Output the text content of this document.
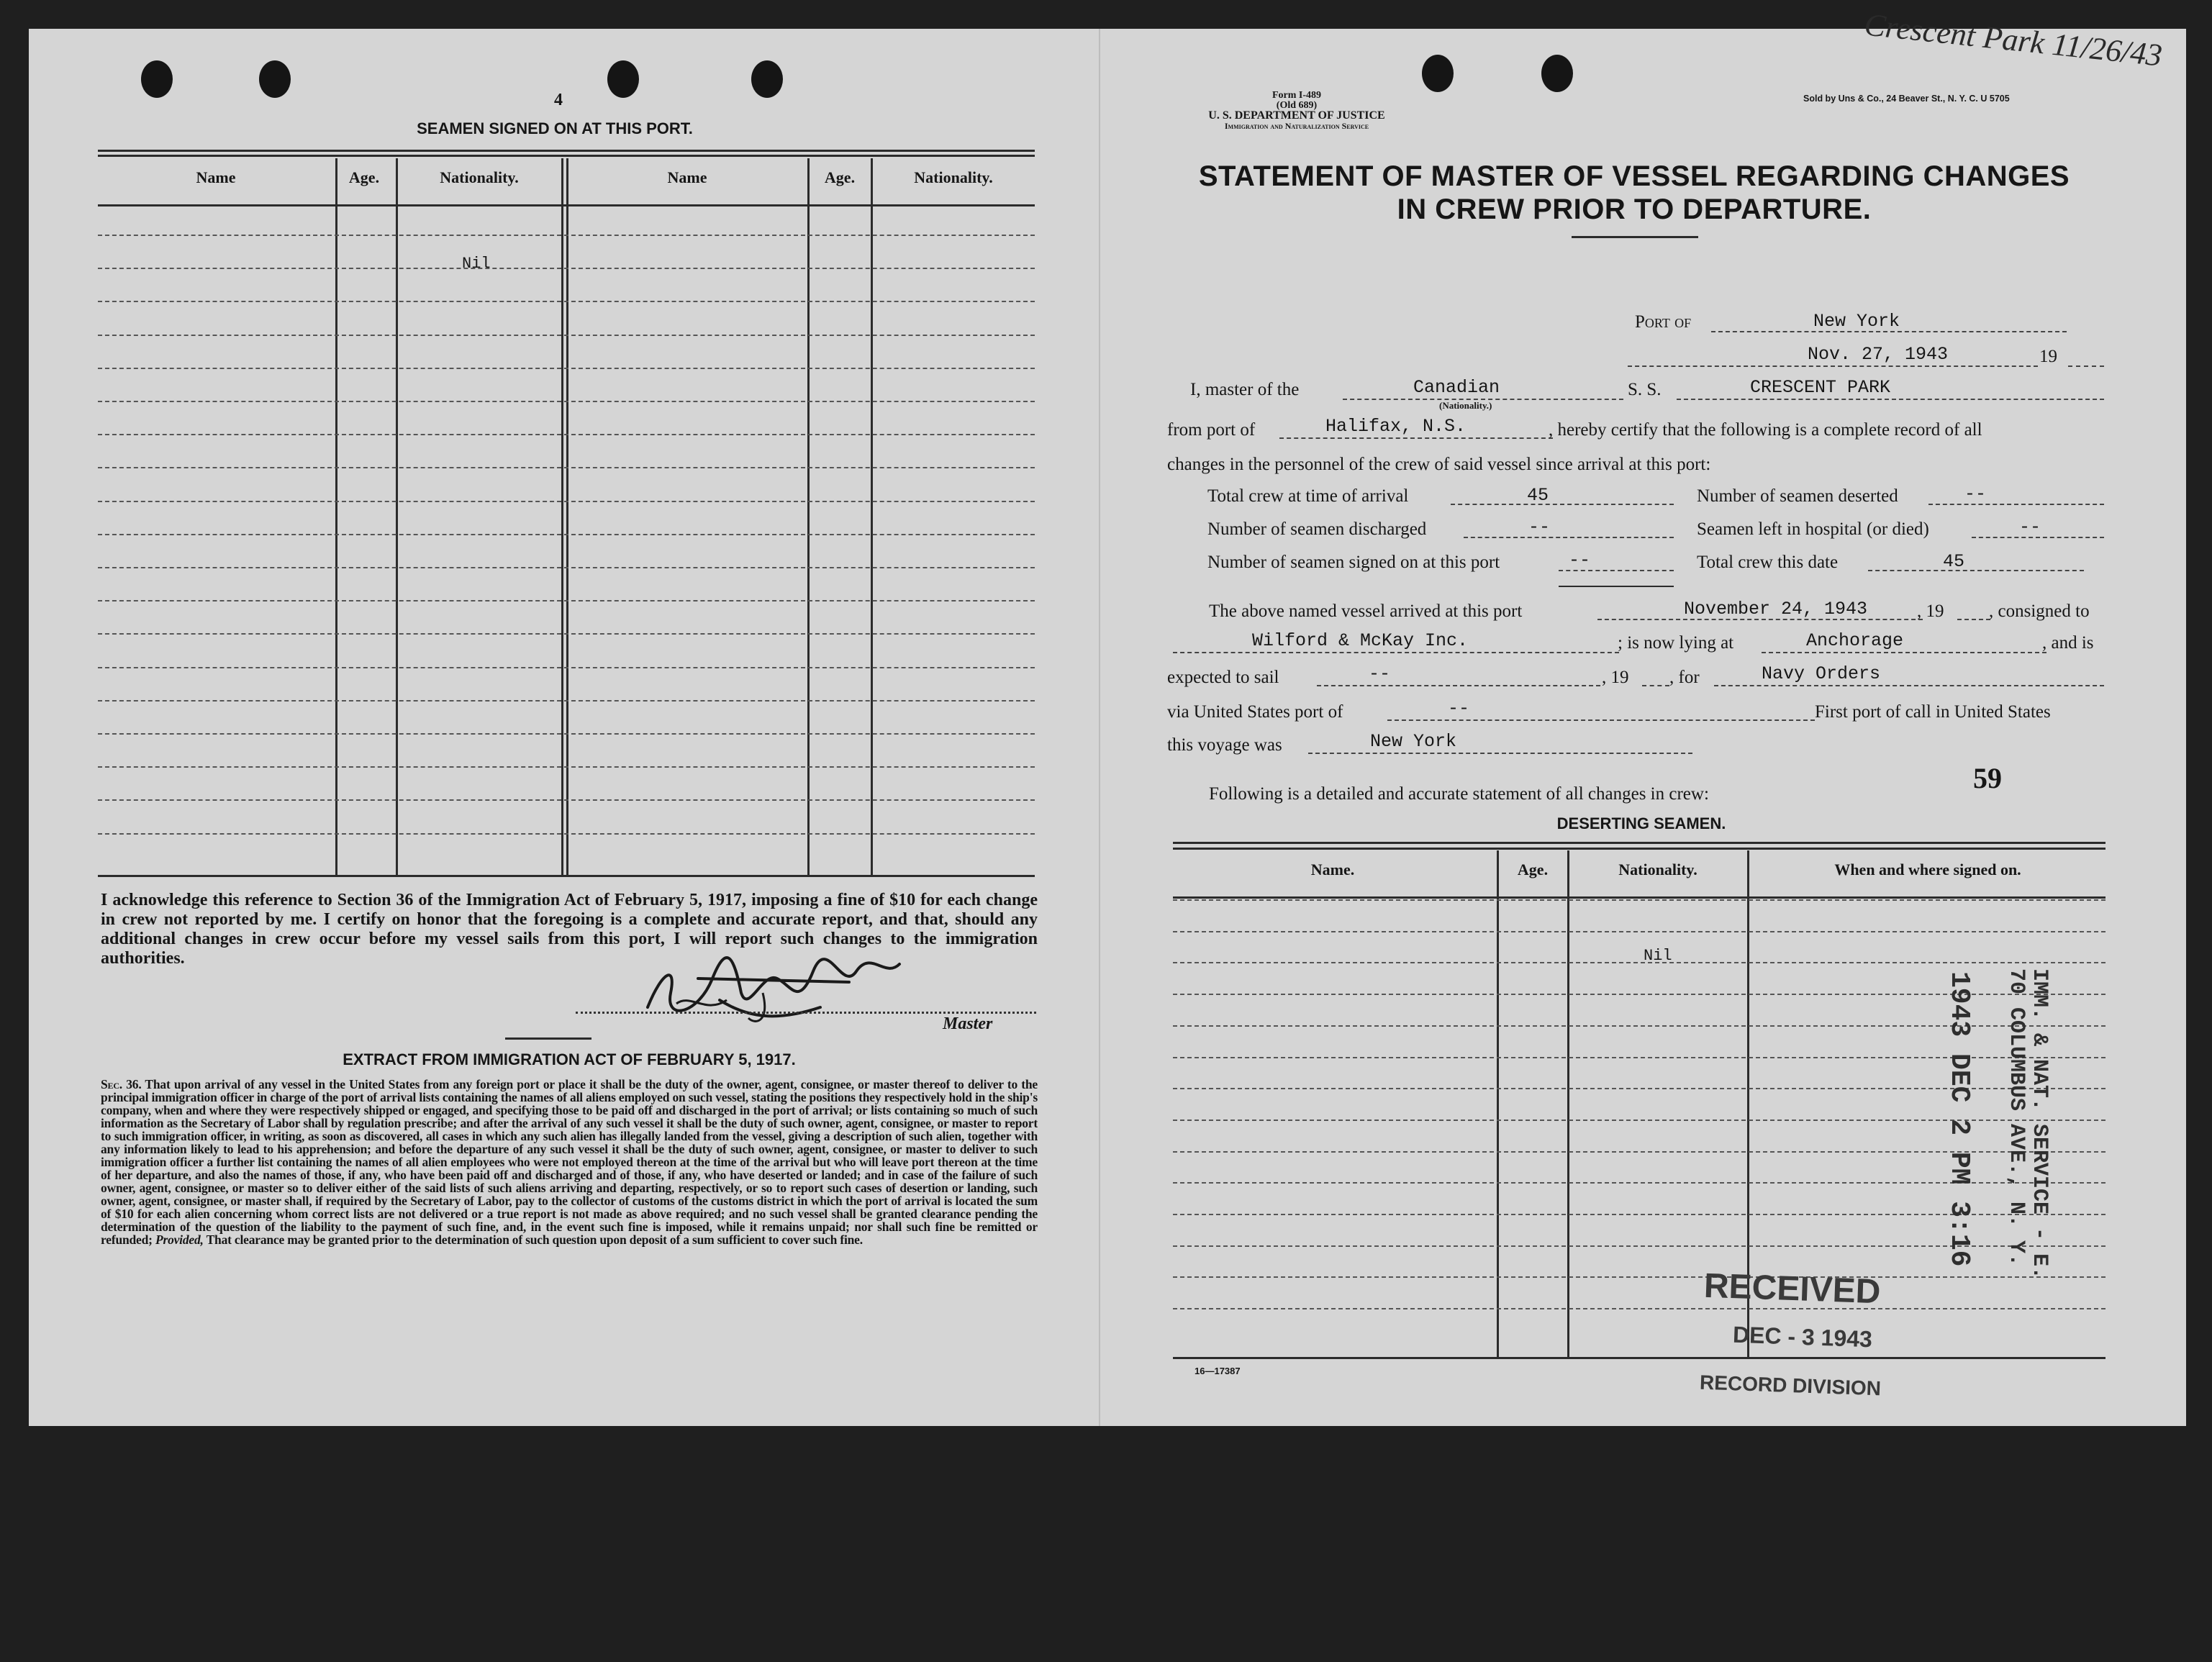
4
SEAMEN SIGNED ON AT THIS PORT.
Name	Age.	Nationality.	Name	Age.	Nationality.
Nil
I acknowledge this reference to Section 36 of the Immigration Act of February 5, 1917, imposing a fine of $10 for each change in crew not reported by me. I certify on honor that the foregoing is a complete and accurate report, and that, should any additional changes in crew occur before my vessel sails from this port, I will report such changes to the immigration authorities.
Master
EXTRACT FROM IMMIGRATION ACT OF FEBRUARY 5, 1917.
Sec. 36. That upon arrival of any vessel in the United States from any foreign port or place it shall be the duty of the owner, agent, consignee, or master thereof to deliver to the principal immigration officer in charge of the port of arrival lists containing the names of all aliens employed on such vessel, stating the positions they respectively hold in the ship's company, when and where they were respectively shipped or engaged, and specifying those to be paid off and discharged in the port of arrival; or lists containing so much of such information as the Secretary of Labor shall by regulation prescribe; and after the arrival of any such vessel it shall be the duty of such owner, agent, consignee, or master to report to such immigration officer, in writing, as soon as discovered, all cases in which any such alien has illegally landed from the vessel, giving a description of such alien, together with any information likely to lead to his apprehension; and before the departure of any such vessel it shall be the duty of such owner, agent, consignee, or master to deliver to such immigration officer a further list containing the names of all alien employees who were not employed thereon at the time of the arrival but who will leave port thereon at the time of her departure, and also the names of those, if any, who have been paid off and discharged and of those, if any, who have deserted or landed; and in case of the failure of such owner, agent, consignee, or master so to deliver either of the said lists of such aliens arriving and departing, respectively, or so to report such cases of desertion or landing, such owner, agent, consignee, or master shall, if required by the Secretary of Labor, pay to the collector of customs of the customs district in which the port of arrival is located the sum of $10 for each alien concerning whom correct lists are not delivered or a true report is not made as above required; and no such vessel shall be granted clearance pending the determination of the question of the liability to the payment of such fine, and, in the event such fine is imposed, while it remains unpaid; nor shall such fine be remitted or refunded; Provided, That clearance may be granted prior to the determination of such question upon deposit of a sum sufficient to cover such fine.
Crescent Park 11/26/43
Sold by Uns & Co., 24 Beaver St., N. Y. C. U 5705
Form I-489
(Old 689)
U. S. DEPARTMENT OF JUSTICE
Immigration and Naturalization Service
STATEMENT OF MASTER OF VESSEL REGARDING CHANGES
IN CREW PRIOR TO DEPARTURE.
Port of	New York
Nov. 27, 1943	19
I, master of the	Canadian
(Nationality.)
S. S.	CRESCENT PARK
from port of	Halifax, N.S.	, hereby certify that the following is a complete record of all
changes in the personnel of the crew of said vessel since arrival at this port:
Total crew at time of arrival	45	Number of seamen deserted	--
Number of seamen discharged	--	Seamen left in hospital (or died)	--
Number of seamen signed on at this port	--	Total crew this date	45
The above named vessel arrived at this port	November 24, 1943	, 19	, consigned to
Wilford & McKay Inc.	; is now lying at	Anchorage	, and is
expected to sail	--	, 19 , for	Navy Orders
via United States port of	--	First port of call in United States
this voyage was	New York
Following is a detailed and accurate statement of all changes in crew:	59
DESERTING SEAMEN.
Name.	Age.	Nationality.	When and where signed on.
Nil
16—17387
IMM. & NAT. SERVICE - E.
70 COLUMBUS AVE., N. Y.
1943 DEC 2 PM 3:16
RECEIVED
DEC - 3 1943
RECORD DIVISION
